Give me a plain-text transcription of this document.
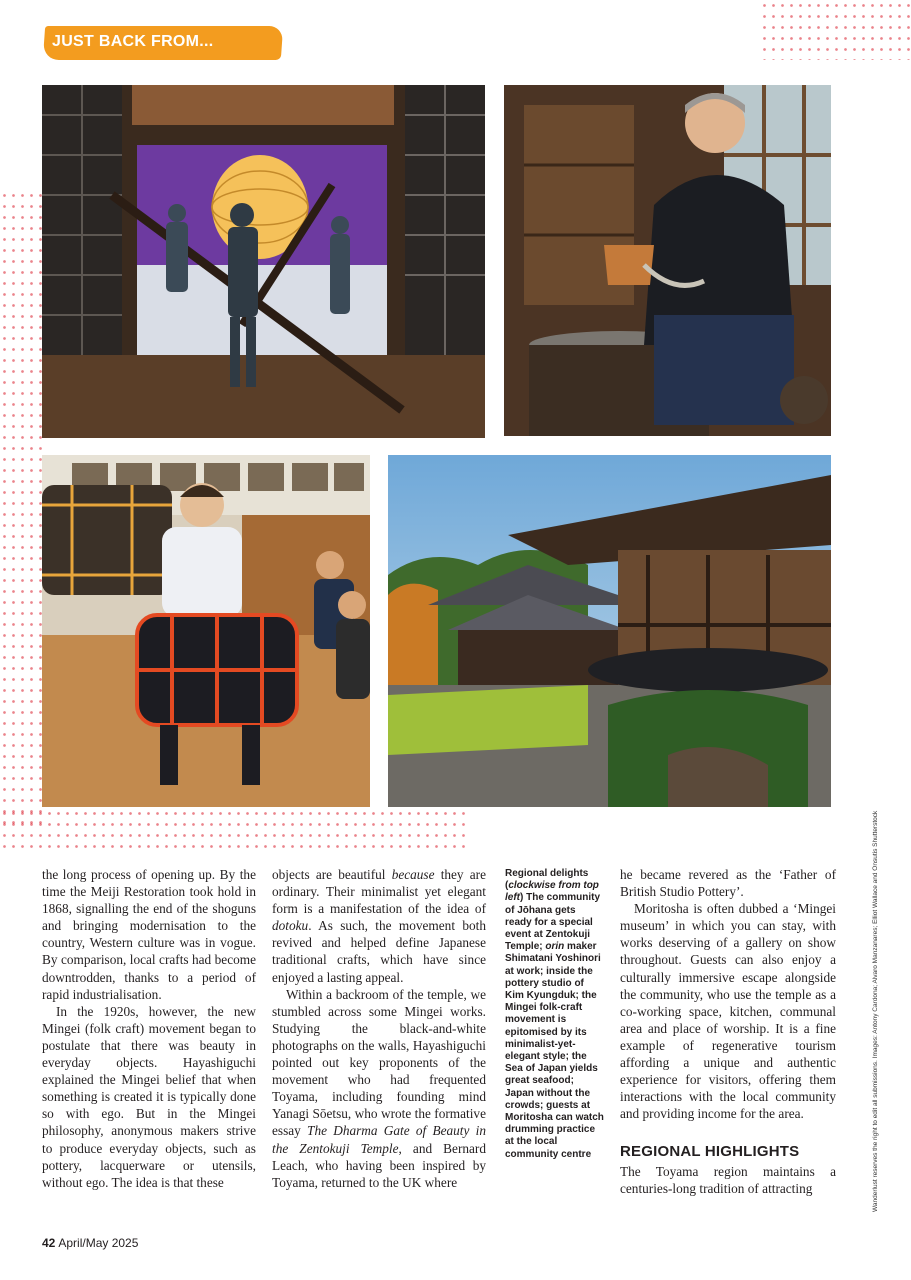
JUST BACK FROM...

the long process of opening up. By the time the Meiji Restoration took hold in 1868, signalling the end of the shoguns and bringing modernisation to the country, Western culture was in vogue. By comparison, local crafts had become downtrodden, thanks to a period of rapid industrialisation.

In the 1920s, however, the new Mingei (folk craft) movement began to postulate that there was beauty in everyday objects. Hayashiguchi explained the Mingei belief that when something is created it is typically done so with ego. But in the Mingei philosophy, anonymous makers strive to produce everyday objects, such as pottery, lacquerware or utensils, without ego. The idea is that these

objects are beautiful because they are ordinary. Their minimalist yet elegant form is a manifestation of the idea of dotoku. As such, the movement both revived and helped define Japanese traditional crafts, which have since enjoyed a lasting appeal.

Within a backroom of the temple, we stumbled across some Mingei works. Studying the black-and-white photographs on the walls, Hayashiguchi pointed out key proponents of the movement who had frequented Toyama, including founding mind Yanagi Sōetsu, who wrote the formative essay The Dharma Gate of Beauty in the Zentokuji Temple, and Bernard Leach, who having been inspired by Toyama, returned to the UK where

Regional delights
(clockwise from top left) The community of Jōhana gets ready for a special event at Zentokuji Temple; orin maker Shimatani Yoshinori at work; inside the pottery studio of Kim Kyungduk; the Mingei folk-craft movement is epitomised by its minimalist-yet-elegant style; the Sea of Japan yields great seafood; Japan without the crowds; guests at Moritosha can watch drumming practice at the local community centre

he became revered as the ‘Father of British Studio Pottery’.

Moritosha is often dubbed a ‘Mingei museum’ in which you can stay, with works deserving of a gallery on show throughout. Guests can also enjoy a culturally immersive escape alongside the community, who use the temple as a co-working space, kitchen, communal area and place of worship. It is a fine example of regenerative tourism affording a unique and authentic experience for visitors, offering them interactions with the local community and providing income for the area.

REGIONAL HIGHLIGHTS

The Toyama region maintains a centuries-long tradition of attracting	Wanderlust reserves the right to edit all submissions. Images: Antony Cardona; Alvaro Manzanares; Elliot Wallace and Onsutis Shutterstock
42 April/May 2025
